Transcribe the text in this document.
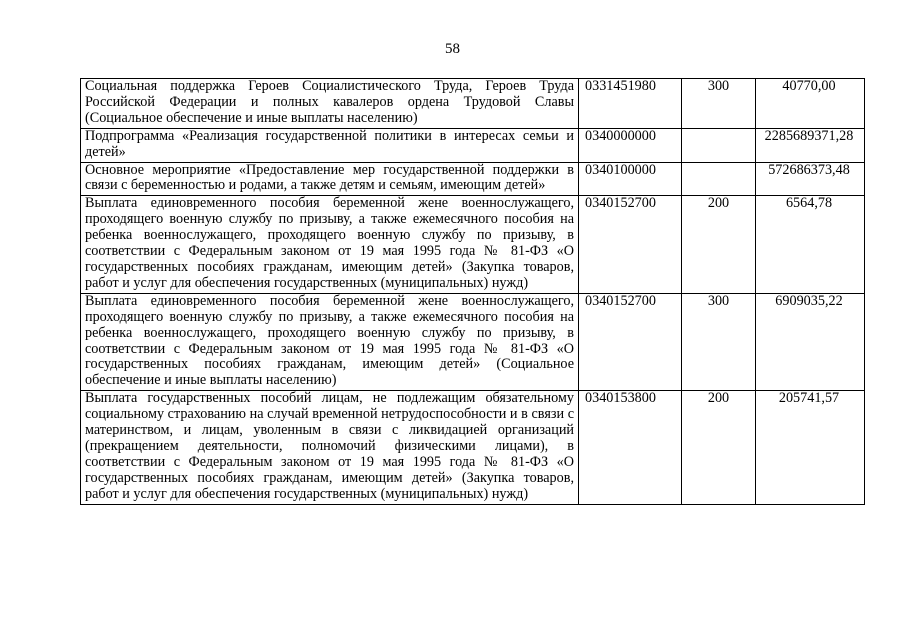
58
Социальная поддержка Героев Социалистического Труда, Героев Труда Российской Федерации и полных кавалеров ордена Трудовой Славы (Социальное обеспечение и иные выплаты населению)	0331451980	300	40770,00
Подпрограмма «Реализация государственной политики в интересах семьи и детей»	0340000000		2285689371,28
Основное мероприятие «Предоставление мер государственной поддержки в связи с беременностью и родами, а также детям и семьям, имеющим детей»	0340100000		572686373,48
Выплата единовременного пособия беременной жене военнослужащего, проходящего военную службу по призыву, а также ежемесячного пособия на ребенка военнослужащего, проходящего военную службу по призыву, в соответствии с Федеральным законом от 19 мая 1995 года № 81-ФЗ «О государственных пособиях гражданам, имеющим детей» (Закупка товаров, работ и услуг для обеспечения государственных (муниципальных) нужд)	0340152700	200	6564,78
Выплата единовременного пособия беременной жене военнослужащего, проходящего военную службу по призыву, а также ежемесячного пособия на ребенка военнослужащего, проходящего военную службу по призыву, в соответствии с Федеральным законом от 19 мая 1995 года № 81-ФЗ «О государственных пособиях гражданам, имеющим детей» (Социальное обеспечение и иные выплаты населению)	0340152700	300	6909035,22
Выплата государственных пособий лицам, не подлежащим обязательному социальному страхованию на случай временной нетрудоспособности и в связи с материнством, и лицам, уволенным в связи с ликвидацией организаций (прекращением деятельности, полномочий физическими лицами), в соответствии с Федеральным законом от 19 мая 1995 года № 81-ФЗ «О государственных пособиях гражданам, имеющим детей» (Закупка товаров, работ и услуг для обеспечения государственных (муниципальных) нужд)	0340153800	200	205741,57
